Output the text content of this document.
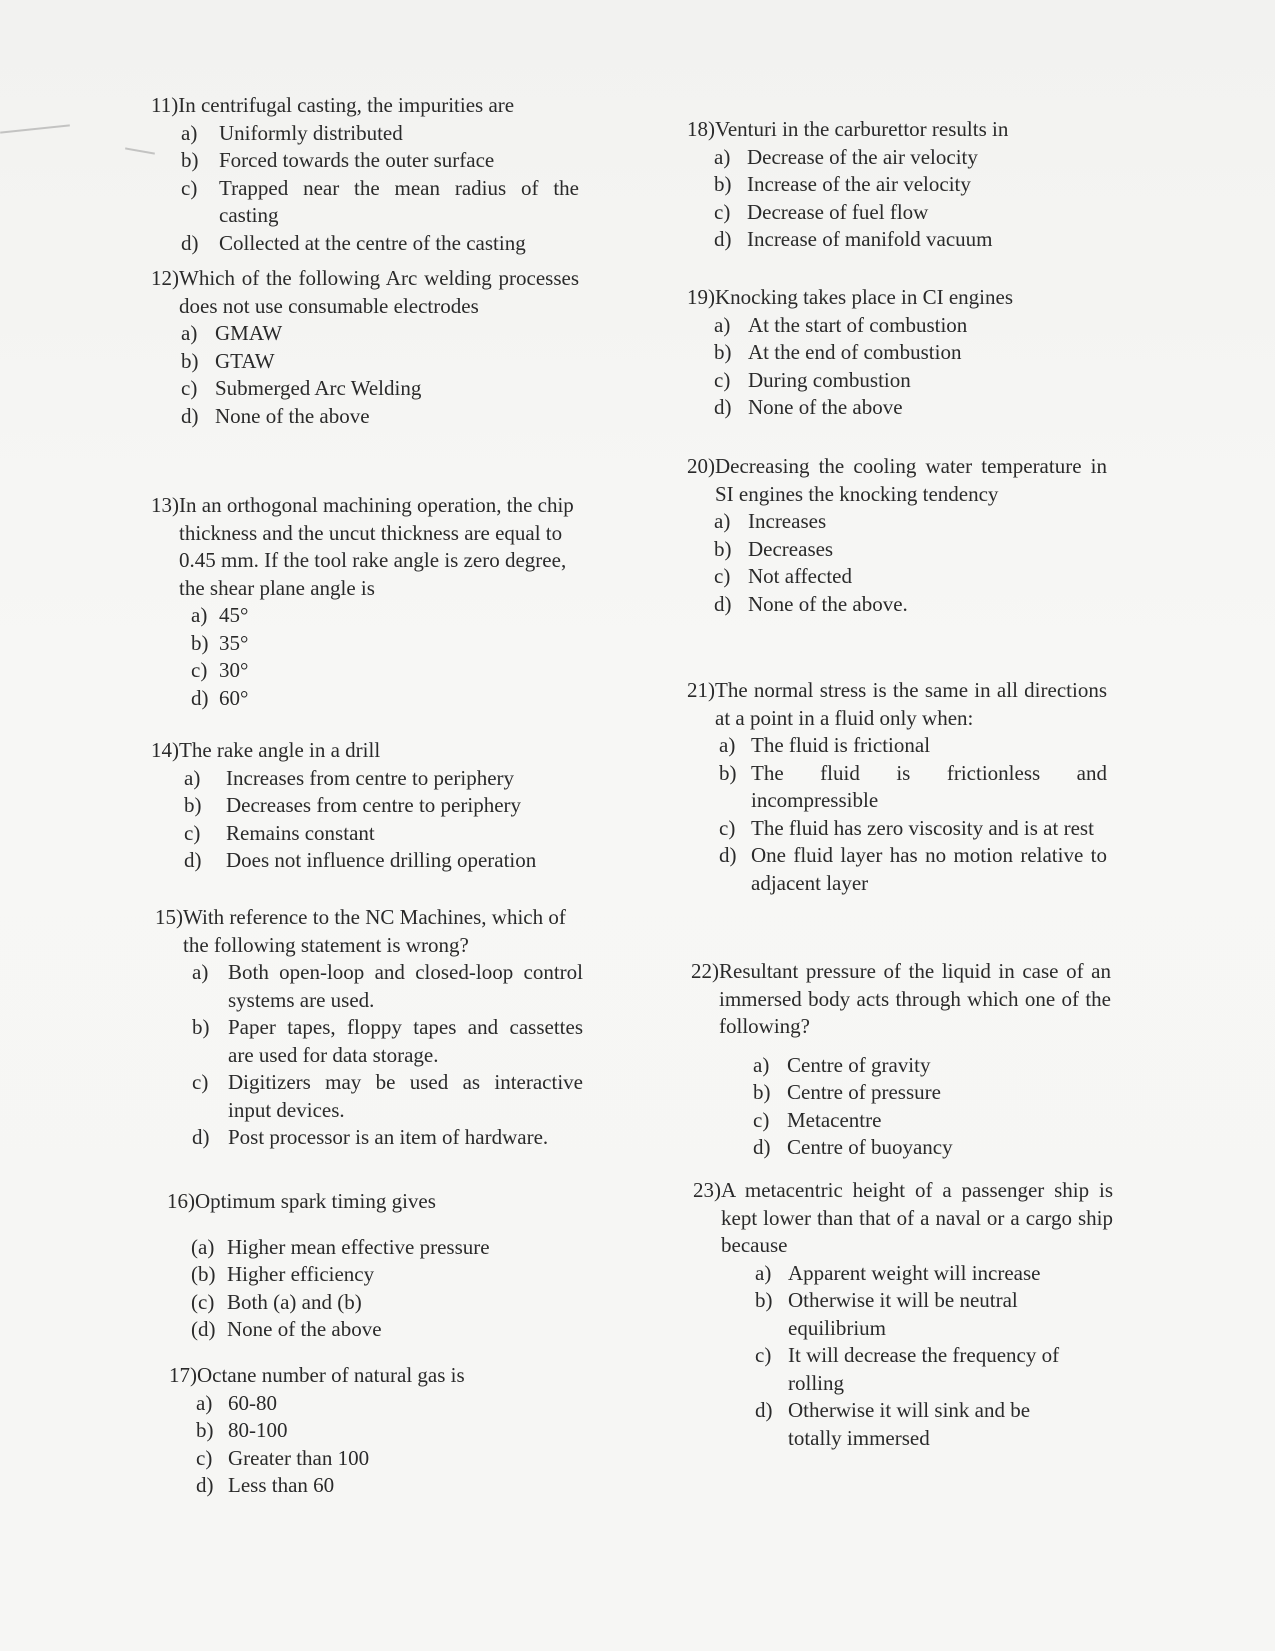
11) In centrifugal casting, the impurities are
a)	Uniformly distributed
b) Forced towards the outer surface
c)	Trapped near the mean radius of the casting
d) Collected at the centre of the casting
12) Which of the following Arc welding processes does not use consumable electrodes
a) GMAW
b) GTAW
c) Submerged Arc Welding
d) None of the above
13) In an orthogonal machining operation, the chip thickness and the uncut thickness are equal to 0.45 mm. If the tool rake angle is zero degree, the shear plane angle is
a) 45°
b) 35°
c) 30°
d) 60°
14) The rake angle in a drill
a)	Increases from centre to periphery
b)	Decreases from centre to periphery
c)	Remains constant
d)	Does not influence drilling operation
15) With reference to the NC Machines, which of the following statement is wrong?
a) Both open-loop and closed-loop control systems are used.
b) Paper tapes, floppy tapes and cassettes are used for data storage.
c) Digitizers may be used as interactive input devices.
d) Post processor is an item of hardware.
16) Optimum spark timing gives
(a) Higher mean effective pressure
(b) Higher efficiency
(c) Both (a) and (b)
(d) None of the above
17) Octane number of natural gas is
a) 60-80
b) 80-100
c) Greater than 100
d) Less than 60
18) Venturi in the carburettor results in
a) Decrease of the air velocity
b) Increase of the air velocity
c) Decrease of fuel flow
d) Increase of manifold vacuum
19) Knocking takes place in CI engines
a) At the start of combustion
b) At the end of combustion
c) During combustion
d) None of the above
20) Decreasing the cooling water temperature in SI engines the knocking tendency
a) Increases
b) Decreases
c) Not affected
d) None of the above.
21) The normal stress is the same in all directions at a point in a fluid only when:
a) The fluid is frictional
b) The fluid is frictionless and incompressible
c) The fluid has zero viscosity and is at rest
d) One fluid layer has no motion relative to adjacent layer
22) Resultant pressure of the liquid in case of an immersed body acts through which one of the following?
a) Centre of gravity
b) Centre of pressure
c) Metacentre
d) Centre of buoyancy
23) A metacentric height of a passenger ship is kept lower than that of a naval or a cargo ship because
a) Apparent weight will increase
b) Otherwise it will be neutral equilibrium
c) It will decrease the frequency of rolling
d) Otherwise it will sink and be totally immersed
